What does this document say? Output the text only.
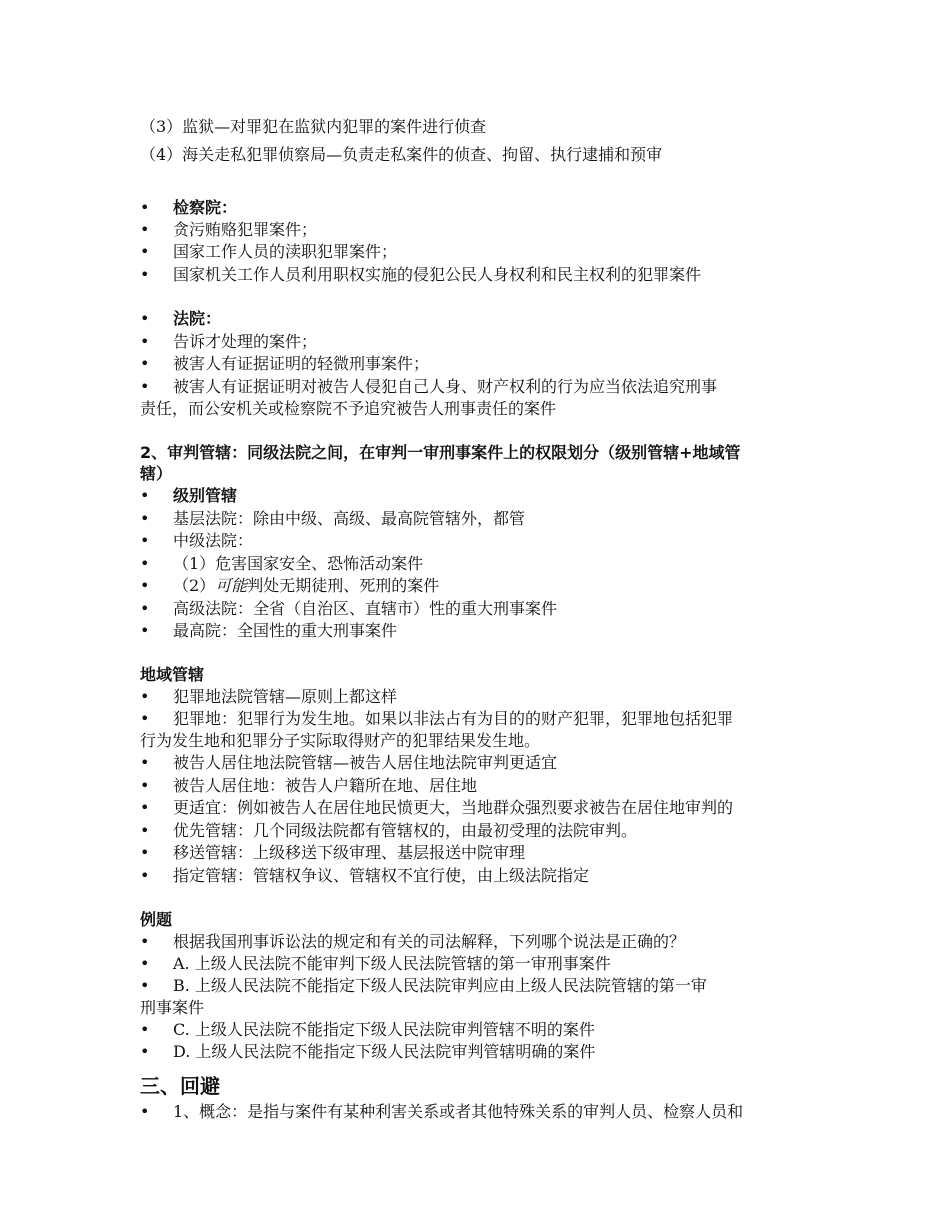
（3）监狱—对罪犯在监狱内犯罪的案件进行侦查
（4）海关走私犯罪侦察局—负责走私案件的侦查、拘留、执行逮捕和预审
• 检察院：
• 贪污贿赂犯罪案件；
• 国家工作人员的渎职犯罪案件；
• 国家机关工作人员利用职权实施的侵犯公民人身权利和民主权利的犯罪案件
• 法院：
• 告诉才处理的案件；
• 被害人有证据证明的轻微刑事案件；
• 被害人有证据证明对被告人侵犯自己人身、财产权利的行为应当依法追究刑事
责任，而公安机关或检察院不予追究被告人刑事责任的案件
2、审判管辖：同级法院之间，在审判一审刑事案件上的权限划分（级别管辖+地域管
辖）
• 级别管辖
• 基层法院：除由中级、高级、最高院管辖外，都管
• 中级法院：
• （1）危害国家安全、恐怖活动案件
• （2）可能判处无期徒刑、死刑的案件
• 高级法院：全省（自治区、直辖市）性的重大刑事案件
• 最高院：全国性的重大刑事案件
地域管辖
• 犯罪地法院管辖—原则上都这样
• 犯罪地：犯罪行为发生地。如果以非法占有为目的的财产犯罪，犯罪地包括犯罪
行为发生地和犯罪分子实际取得财产的犯罪结果发生地。
• 被告人居住地法院管辖—被告人居住地法院审判更适宜
• 被告人居住地：被告人户籍所在地、居住地
• 更适宜：例如被告人在居住地民愤更大，当地群众强烈要求被告在居住地审判的
• 优先管辖：几个同级法院都有管辖权的，由最初受理的法院审判。
• 移送管辖：上级移送下级审理、基层报送中院审理
• 指定管辖：管辖权争议、管辖权不宜行使，由上级法院指定
例题
• 根据我国刑事诉讼法的规定和有关的司法解释，下列哪个说法是正确的？
• A. 上级人民法院不能审判下级人民法院管辖的第一审刑事案件
• B. 上级人民法院不能指定下级人民法院审判应由上级人民法院管辖的第一审
刑事案件
• C. 上级人民法院不能指定下级人民法院审判管辖不明的案件
• D. 上级人民法院不能指定下级人民法院审判管辖明确的案件
三、回避
• 1、概念：是指与案件有某种利害关系或者其他特殊关系的审判人员、检察人员和
